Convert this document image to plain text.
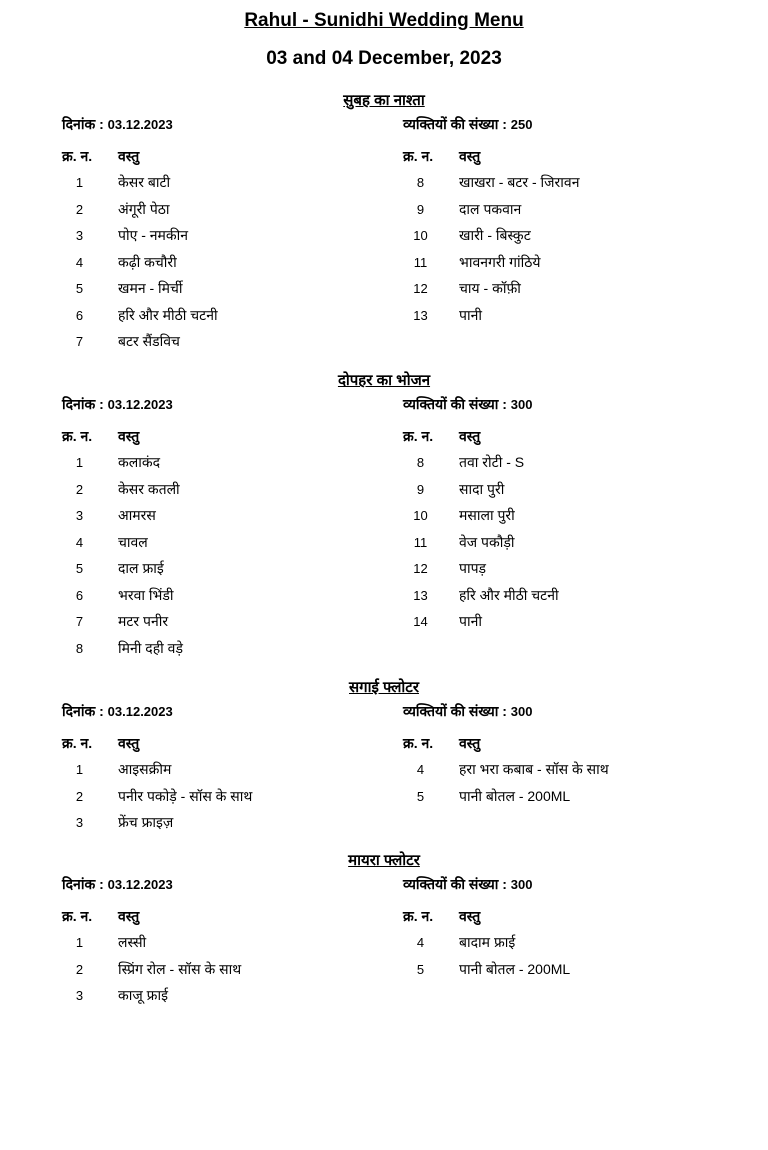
Rahul - Sunidhi Wedding Menu
03 and 04 December, 2023
सुबह का नाश्ता
दिनांक : 03.12.2023	व्यक्तियों की संख्या : 250
क्र. न. वस्तु
1	केसर बाटी
2	अंगूरी पेठा
3	पोए - नमकीन
4	कढ़ी कचौरी
5	खमन - मिर्ची
6	हरि और मीठी चटनी
7	बटर सैंडविच
क्र. न. वस्तु
8	खाखरा - बटर - जिरावन
9	दाल पकवान
10	खारी - बिस्कुट
11	भावनगरी गांठिये
12	चाय - कॉफ़ी
13	पानी
दोपहर का भोजन
दिनांक : 03.12.2023	व्यक्तियों की संख्या : 300
क्र. न. वस्तु
1	कलाकंद
2	केसर कतली
3	आमरस
4	चावल
5	दाल फ्राई
6	भरवा भिंडी
7	मटर पनीर
8	मिनी दही वड़े
क्र. न. वस्तु
8	तवा रोटी - S
9	सादा पुरी
10	मसाला पुरी
11	वेज पकौड़ी
12	पापड़
13	हरि और मीठी चटनी
14	पानी
सगाई फ्लोटर
दिनांक : 03.12.2023	व्यक्तियों की संख्या : 300
क्र. न. वस्तु
1	आइसक्रीम
2	पनीर पकोड़े - सॉस के साथ
3	फ्रेंच फ्राइज़
क्र. न. वस्तु
4	हरा भरा कबाब - सॉस के साथ
5	पानी बोतल - 200ML
मायरा फ्लोटर
दिनांक : 03.12.2023	व्यक्तियों की संख्या : 300
क्र. न. वस्तु
1	लस्सी
2	स्प्रिंग रोल - सॉस के साथ
3	काजू फ्राई
क्र. न. वस्तु
4	बादाम फ्राई
5	पानी बोतल - 200ML
